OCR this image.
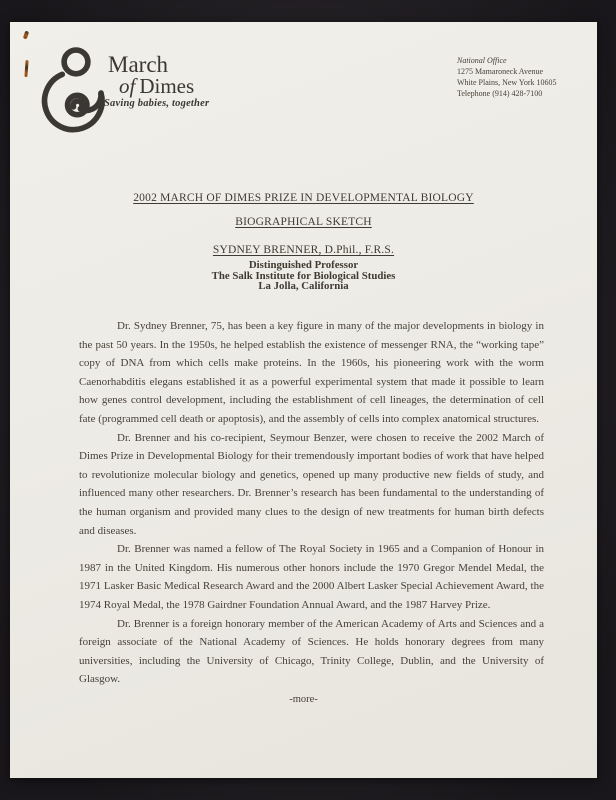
March
of Dimes
Saving babies, together
National Office
1275 Mamaroneck Avenue
White Plains, New York 10605
Telephone (914) 428-7100
2002 MARCH OF DIMES PRIZE IN DEVELOPMENTAL BIOLOGY
BIOGRAPHICAL SKETCH
SYDNEY BRENNER, D.Phil., F.R.S.
Distinguished Professor
The Salk Institute for Biological Studies
La Jolla, California

Dr. Sydney Brenner, 75, has been a key figure in many of the major developments in biology in the past 50 years. In the 1950s, he helped establish the existence of messenger RNA, the “working tape” copy of DNA from which cells make proteins. In the 1960s, his pioneering work with the worm Caenorhabditis elegans established it as a powerful experimental system that made it possible to learn how genes control development, including the establishment of cell lineages, the determination of cell fate (programmed cell death or apoptosis), and the assembly of cells into complex anatomical structures.

Dr. Brenner and his co-recipient, Seymour Benzer, were chosen to receive the 2002 March of Dimes Prize in Developmental Biology for their tremendously important bodies of work that have helped to revolutionize molecular biology and genetics, opened up many productive new fields of study, and influenced many other researchers. Dr. Brenner’s research has been fundamental to the understanding of the human organism and provided many clues to the design of new treatments for human birth defects and diseases.

Dr. Brenner was named a fellow of The Royal Society in 1965 and a Companion of Honour in 1987 in the United Kingdom. His numerous other honors include the 1970 Gregor Mendel Medal, the 1971 Lasker Basic Medical Research Award and the 2000 Albert Lasker Special Achievement Award, the 1974 Royal Medal, the 1978 Gairdner Foundation Annual Award, and the 1987 Harvey Prize.

Dr. Brenner is a foreign honorary member of the American Academy of Arts and Sciences and a foreign associate of the National Academy of Sciences. He holds honorary degrees from many universities, including the University of Chicago, Trinity College, Dublin, and the University of Glasgow.

-more-
